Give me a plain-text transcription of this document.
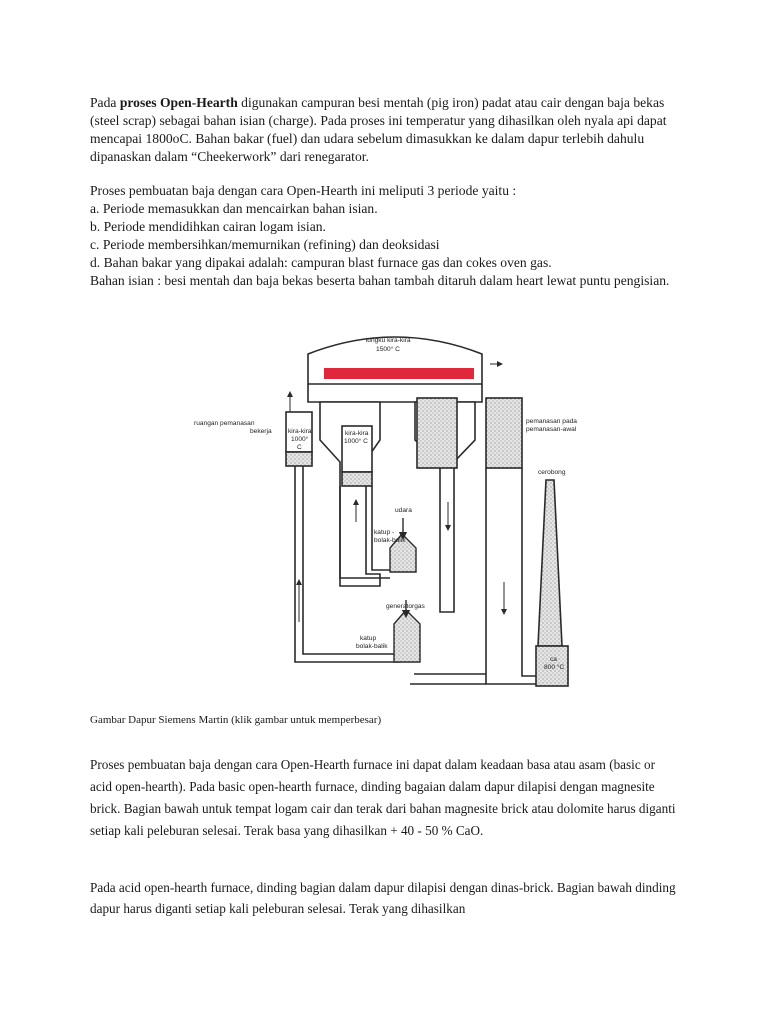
Pada proses Open-Hearth digunakan campuran besi mentah (pig iron) padat atau cair dengan baja bekas (steel scrap) sebagai bahan isian (charge). Pada proses ini temperatur yang dihasilkan oleh nyala api dapat mencapai 1800oC. Bahan bakar (fuel) dan udara sebelum dimasukkan ke dalam dapur terlebih dahulu dipanaskan dalam “Cheekerwork” dari renegarator.

Proses pembuatan baja dengan cara Open-Hearth ini meliputi 3 periode yaitu :
a. Periode memasukkan dan mencairkan bahan isian.
b. Periode mendidihkan cairan logam isian.
c. Periode membersihkan/memurnikan (refining) dan deoksidasi
d. Bahan bakar yang dipakai adalah: campuran blast furnace gas dan cokes oven gas.
Bahan isian : besi mentah dan baja bekas beserta bahan tambah ditaruh dalam heart lewat puntu pengisian.

tungku kira-kira
1500° C
ruangan pemanasan
bekerja kira-kira
1000°
C
kira-kira
1000° C
pemanasan pada
pemanasan-awal
cerobong
udara
katup -
bolak-balik
generatorgas
katup
bolak-balik
ca
800 °C
Gambar Dapur Siemens Martin (klik gambar untuk memperbesar)

Proses pembuatan baja dengan cara Open-Hearth furnace ini dapat dalam keadaan basa atau asam (basic or acid open-hearth). Pada basic open-hearth furnace, dinding bagaian dalam dapur dilapisi dengan magnesite brick. Bagian bawah untuk tempat logam cair dan terak dari bahan magnesite brick atau dolomite harus diganti setiap kali peleburan selesai. Terak basa yang dihasilkan + 40 - 50 % CaO.

Pada acid open-hearth furnace, dinding bagian dalam dapur dilapisi dengan dinas-brick. Bagian bawah dinding dapur harus diganti setiap kali peleburan selesai. Terak yang dihasilkan
